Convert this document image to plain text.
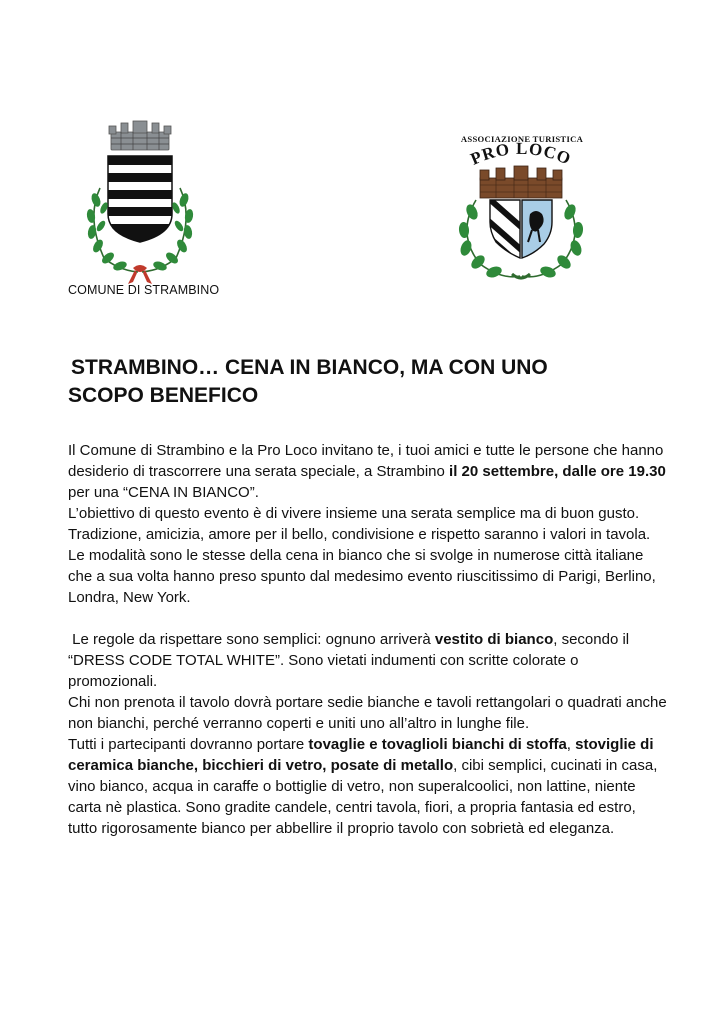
COMUNE DI STRAMBINO
ASSOCIAZIONE TURISTICA
PRO LOCO
STRAMBINO… CENA IN BIANCO, MA CON UNO
SCOPO BENEFICO

Il Comune di Strambino e la Pro Loco invitano te, i tuoi amici e tutte le persone che hanno desiderio di trascorrere una serata speciale, a Strambino il 20 settembre, dalle ore 19.30 per una “CENA IN BIANCO”.

L’obiettivo di questo evento è di vivere insieme una serata semplice ma di buon gusto. Tradizione, amicizia, amore per il bello, condivisione e rispetto saranno i valori in tavola.

Le modalità sono le stesse della cena in bianco che si svolge in numerose città italiane che a sua volta hanno preso spunto dal medesimo evento riuscitissimo di Parigi, Berlino, Londra, New York.

Le regole da rispettare sono semplici: ognuno arriverà vestito di bianco, secondo il “DRESS CODE TOTAL WHITE”. Sono vietati indumenti con scritte colorate o promozionali.

Chi non prenota il tavolo dovrà portare sedie bianche e tavoli rettangolari o quadrati anche non bianchi, perché verranno coperti e uniti uno all’altro in lunghe file.

Tutti i partecipanti dovranno portare tovaglie e tovaglioli bianchi di stoffa, stoviglie di ceramica bianche, bicchieri di vetro, posate di metallo, cibi semplici, cucinati in casa, vino bianco, acqua in caraffe o bottiglie di vetro, non superalcoolici, non lattine, niente carta nè plastica. Sono gradite candele, centri tavola, fiori, a propria fantasia ed estro, tutto rigorosamente bianco per abbellire il proprio tavolo con sobrietà ed eleganza.
